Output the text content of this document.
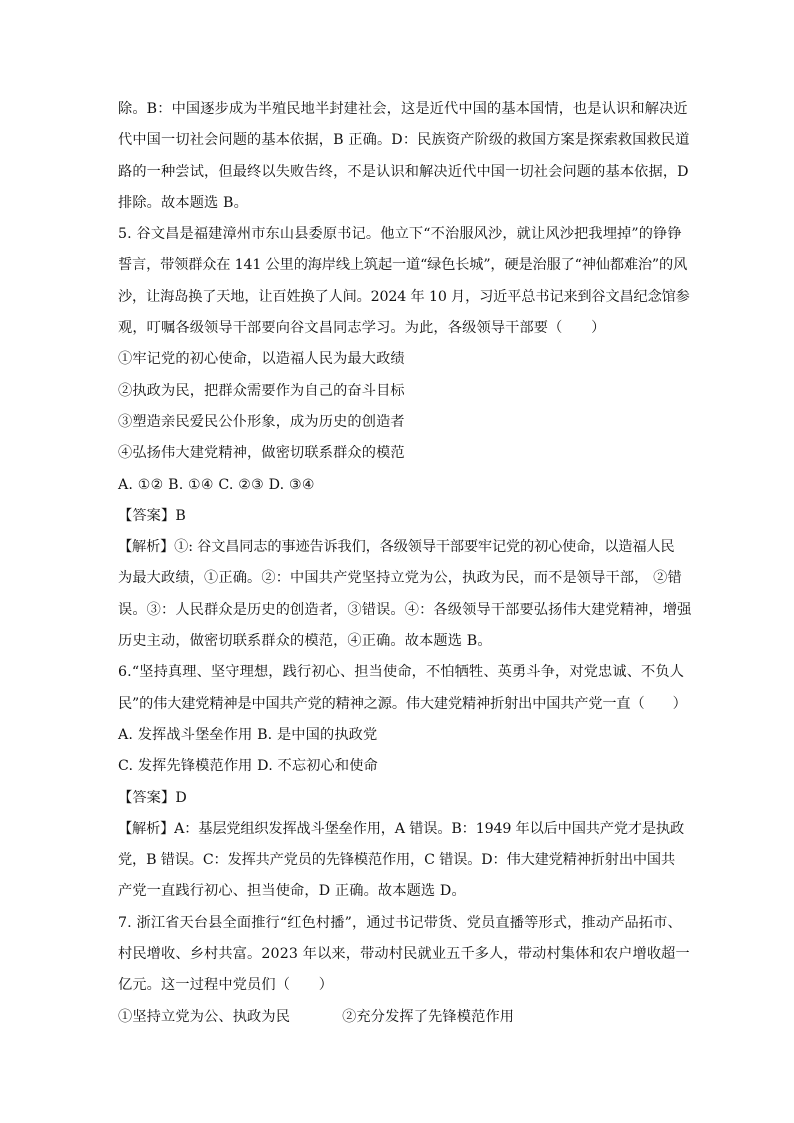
除。B：中国逐步成为半殖民地半封建社会，这是近代中国的基本国情，也是认识和解决近
代中国一切社会问题的基本依据，B 正确。D：民族资产阶级的救国方案是探索救国救民道
路的一种尝试，但最终以失败告终，不是认识和解决近代中国一切社会问题的基本依据，D
排除。故本题选 B。
5. 谷文昌是福建漳州市东山县委原书记。他立下“不治服风沙，就让风沙把我埋掉”的铮铮
誓言，带领群众在 141 公里的海岸线上筑起一道“绿色长城”，硬是治服了“神仙都难治”的风
沙，让海岛换了天地，让百姓换了人间。2024 年 10 月，习近平总书记来到谷文昌纪念馆参
观，叮嘱各级领导干部要向谷文昌同志学习。为此，各级领导干部要（　　）
①牢记党的初心使命，以造福人民为最大政绩
②执政为民，把群众需要作为自己的奋斗目标
③塑造亲民爱民公仆形象，成为历史的创造者
④弘扬伟大建党精神，做密切联系群众的模范
A. ①② B. ①④ C. ②③ D. ③④
【答案】B
【解析】①: 谷文昌同志的事迹告诉我们，各级领导干部要牢记党的初心使命，以造福人民
为最大政绩，①正确。②：中国共产党坚持立党为公，执政为民，而不是领导干部， ②错
误。③：人民群众是历史的创造者，③错误。④：各级领导干部要弘扬伟大建党精神，增强
历史主动，做密切联系群众的模范，④正确。故本题选 B。
6.“坚持真理、坚守理想，践行初心、担当使命，不怕牺牲、英勇斗争，对党忠诚、不负人
民”的伟大建党精神是中国共产党的精神之源。伟大建党精神折射出中国共产党一直（　　）
A. 发挥战斗堡垒作用 B. 是中国的执政党
C. 发挥先锋模范作用 D. 不忘初心和使命
【答案】D
【解析】A：基层党组织发挥战斗堡垒作用，A 错误。B：1949 年以后中国共产党才是执政
党，B 错误。C：发挥共产党员的先锋模范作用，C 错误。D：伟大建党精神折射出中国共
产党一直践行初心、担当使命，D 正确。故本题选 D。
7. 浙江省天台县全面推行“红色村播”，通过书记带货、党员直播等形式，推动产品拓市、
村民增收、乡村共富。2023 年以来，带动村民就业五千多人，带动村集体和农户增收超一
亿元。这一过程中党员们（　　）
①坚持立党为公、执政为民	②充分发挥了先锋模范作用
